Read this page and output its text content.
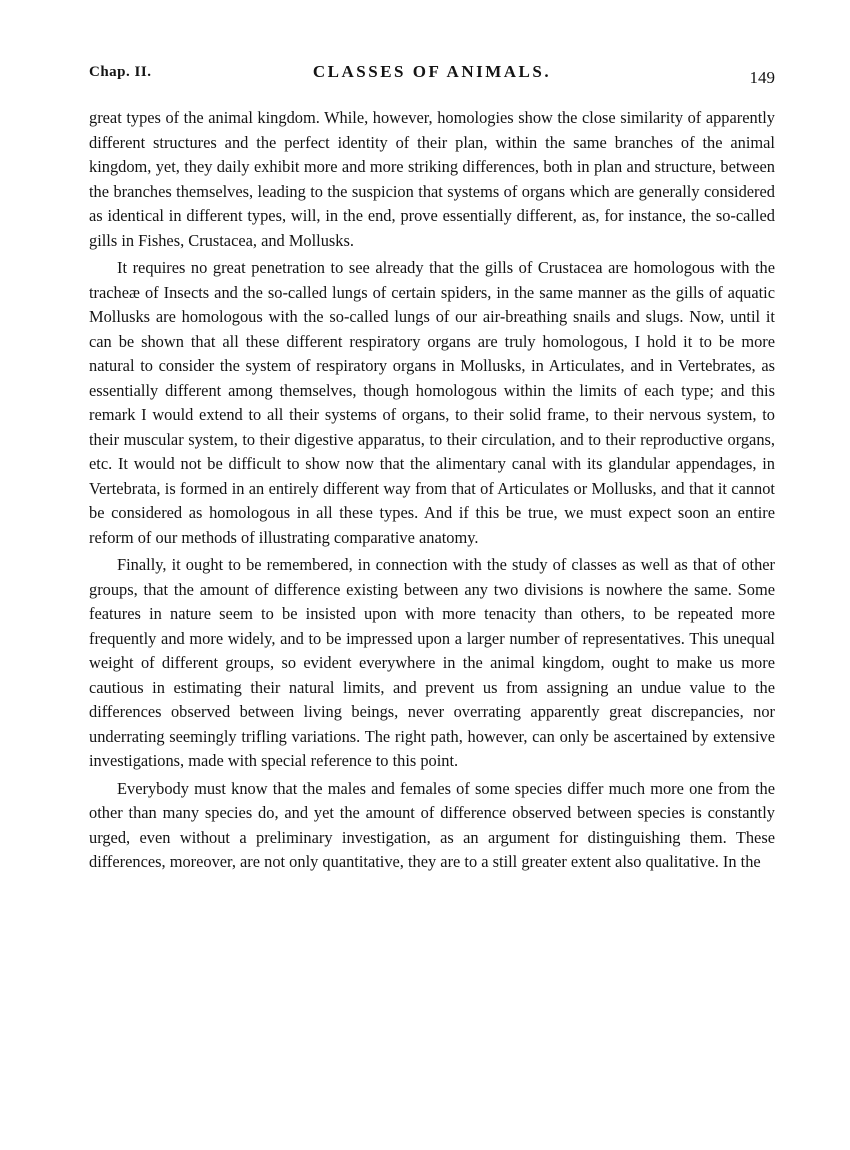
Chap. II.	CLASSES OF ANIMALS.	149

great types of the animal kingdom. While, however, homologies show the close similarity of apparently different structures and the perfect identity of their plan, within the same branches of the animal kingdom, yet, they daily exhibit more and more striking differences, both in plan and structure, between the branches themselves, leading to the suspicion that systems of organs which are generally considered as identical in different types, will, in the end, prove essentially different, as, for instance, the so-called gills in Fishes, Crustacea, and Mollusks.

It requires no great penetration to see already that the gills of Crustacea are homologous with the tracheæ of Insects and the so-called lungs of certain spiders, in the same manner as the gills of aquatic Mollusks are homologous with the so-called lungs of our air-breathing snails and slugs. Now, until it can be shown that all these different respiratory organs are truly homologous, I hold it to be more natural to consider the system of respiratory organs in Mollusks, in Articulates, and in Vertebrates, as essentially different among themselves, though homologous within the limits of each type; and this remark I would extend to all their systems of organs, to their solid frame, to their nervous system, to their muscular system, to their digestive apparatus, to their circulation, and to their reproductive organs, etc. It would not be difficult to show now that the alimentary canal with its glandular appendages, in Vertebrata, is formed in an entirely different way from that of Articulates or Mollusks, and that it cannot be considered as homologous in all these types. And if this be true, we must expect soon an entire reform of our methods of illustrating comparative anatomy.

Finally, it ought to be remembered, in connection with the study of classes as well as that of other groups, that the amount of difference existing between any two divisions is nowhere the same. Some features in nature seem to be insisted upon with more tenacity than others, to be repeated more frequently and more widely, and to be impressed upon a larger number of representatives. This unequal weight of different groups, so evident everywhere in the animal kingdom, ought to make us more cautious in estimating their natural limits, and prevent us from assigning an undue value to the differences observed between living beings, never overrating apparently great discrepancies, nor underrating seemingly trifling variations. The right path, however, can only be ascertained by extensive investigations, made with special reference to this point.

Everybody must know that the males and females of some species differ much more one from the other than many species do, and yet the amount of difference observed between species is constantly urged, even without a preliminary investigation, as an argument for distinguishing them. These differences, moreover, are not only quantitative, they are to a still greater extent also qualitative. In the
